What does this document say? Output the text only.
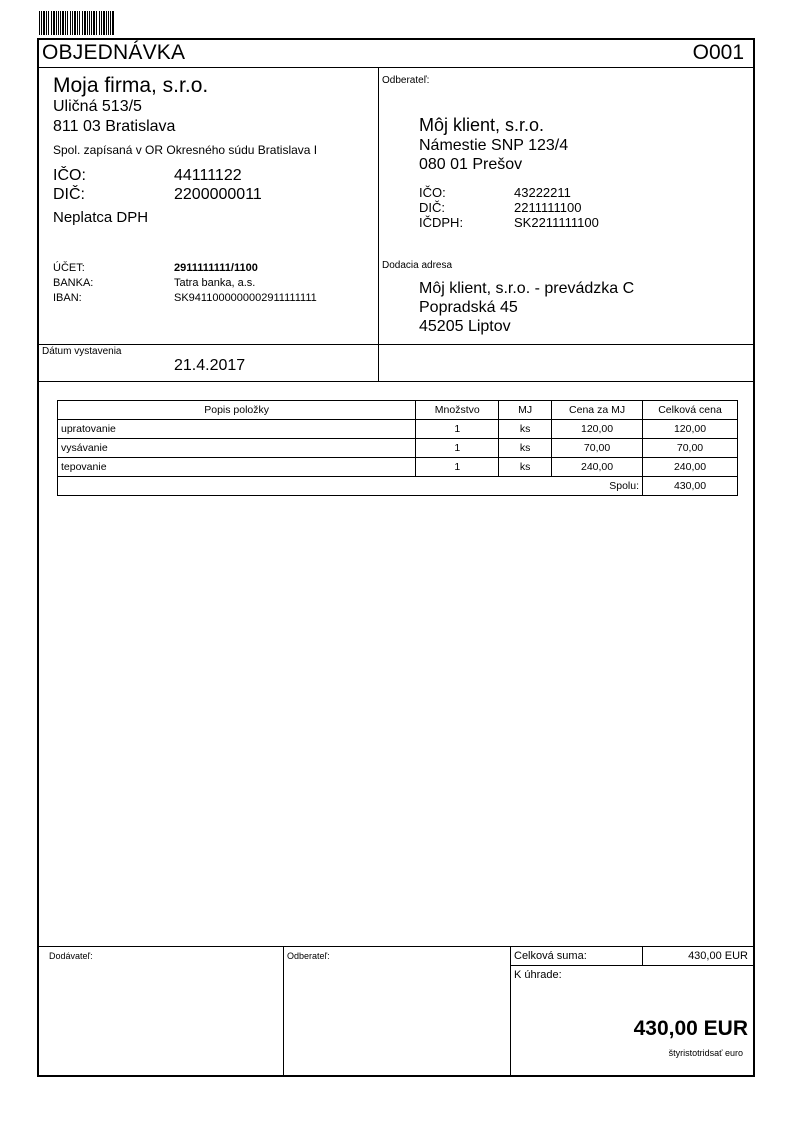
OBJEDNÁVKA	O001
Moja firma, s.r.o.
Uličná 513/5
811 03 Bratislava
Spol. zapísaná v OR Okresného súdu Bratislava I
IČO:	44111122
DIČ:	2200000011
Neplatca DPH
ÚČET:	2911111111/1100
BANKA:	Tatra banka, a.s.
IBAN:	SK9411000000002911111111
Odberateľ:
Môj klient, s.r.o.
Námestie SNP 123/4
080 01 Prešov
IČO:	43222211
DIČ:	2211111100
IČDPH:	SK2211111100
Dodacia adresa
Môj klient, s.r.o. - prevádzka C
Popradská 45
45205 Liptov
Dátum vystavenia
21.4.2017
Popis položky	Množstvo	MJ	Cena za MJ	Celková cena
upratovanie	1	ks	120,00	120,00
vysávanie	1	ks	70,00	70,00
tepovanie	1	ks	240,00	240,00
Spolu:				430,00
Dodávateľ:	Odberateľ:	Celková suma:	430,00 EUR
K úhrade:
430,00 EUR
štyristotridsať euro
